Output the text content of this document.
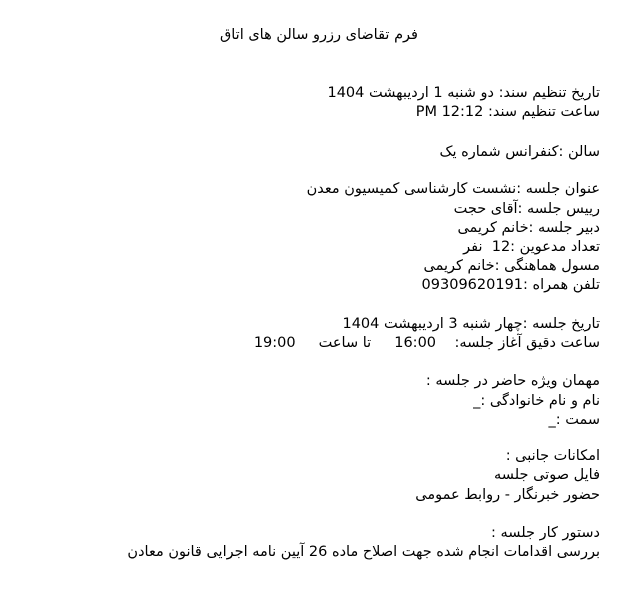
فرم تقاضای رزرو سالن های اتاق

تاریخ تنظیم سند: دو شنبه 1 اردیبهشت 1404

ساعت تنظیم سند: PM 12:12

سالن :کنفرانس شماره یک

عنوان جلسه :نشست کارشناسی کمیسیون معدن

رییس جلسه :آقای حجت

دبیر جلسه :خانم کریمی

تعداد مدعوین :12  نفر

مسول هماهنگی :خانم کریمی

تلفن همراه :09309620191

تاریخ جلسه :چهار شنبه 3 اردیبهشت 1404

ساعت دقیق آغاز جلسه:    16:00     تا ساعت     19:00

مهمان ویژه حاضر در جلسه :

نام و نام خانوادگی :_

سمت :_

امکانات جانبی :

فایل صوتی جلسه

حضور خبرنگار - روابط عمومی

دستور کار جلسه :

بررسی اقدامات انجام شده جهت اصلاح ماده 26 آیین نامه اجرایی قانون معادن
